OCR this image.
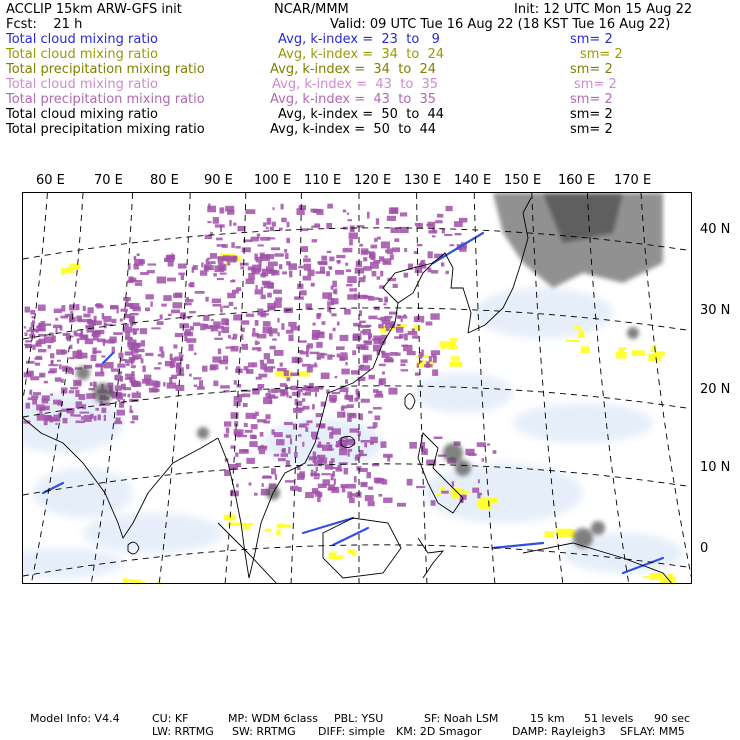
ACCLIP 15km ARW-GFS init	NCAR/MMM	Init: 12 UTC Mon 15 Aug 22
Fcst:    21 h	Valid: 09 UTC Tue 16 Aug 22 (18 KST Tue 16 Aug 22)
Total cloud mixing ratio	Avg, k-index =  23  to   9	sm= 2
Total cloud mixing ratio	Avg, k-index =  34  to  24	sm= 2
Total precipitation mixing ratio	Avg, k-index =  34  to  24	sm= 2
Total cloud mixing ratio	Avg, k-index =  43  to  35	sm= 2
Total precipitation mixing ratio	Avg, k-index =  43  to  35	sm= 2
Total cloud mixing ratio	Avg, k-index =  50  to  44	sm= 2
Total precipitation mixing ratio	Avg, k-index =  50  to  44	sm= 2
60 E 70 E 80 E 90 E 100 E 110 E 120 E 130 E 140 E 150 E 160 E 170 E
40 N
30 N
20 N
10 N
0
Model Info: V4.4	CU: KF	MP: WDM 6class PBL: YSU	SF: Noah LSM	15 km 51 levels 90 sec
LW: RRTMG SW: RRTMG DIFF: simple KM: 2D Smagor	DAMP: Rayleigh3 SFLAY: MM5
